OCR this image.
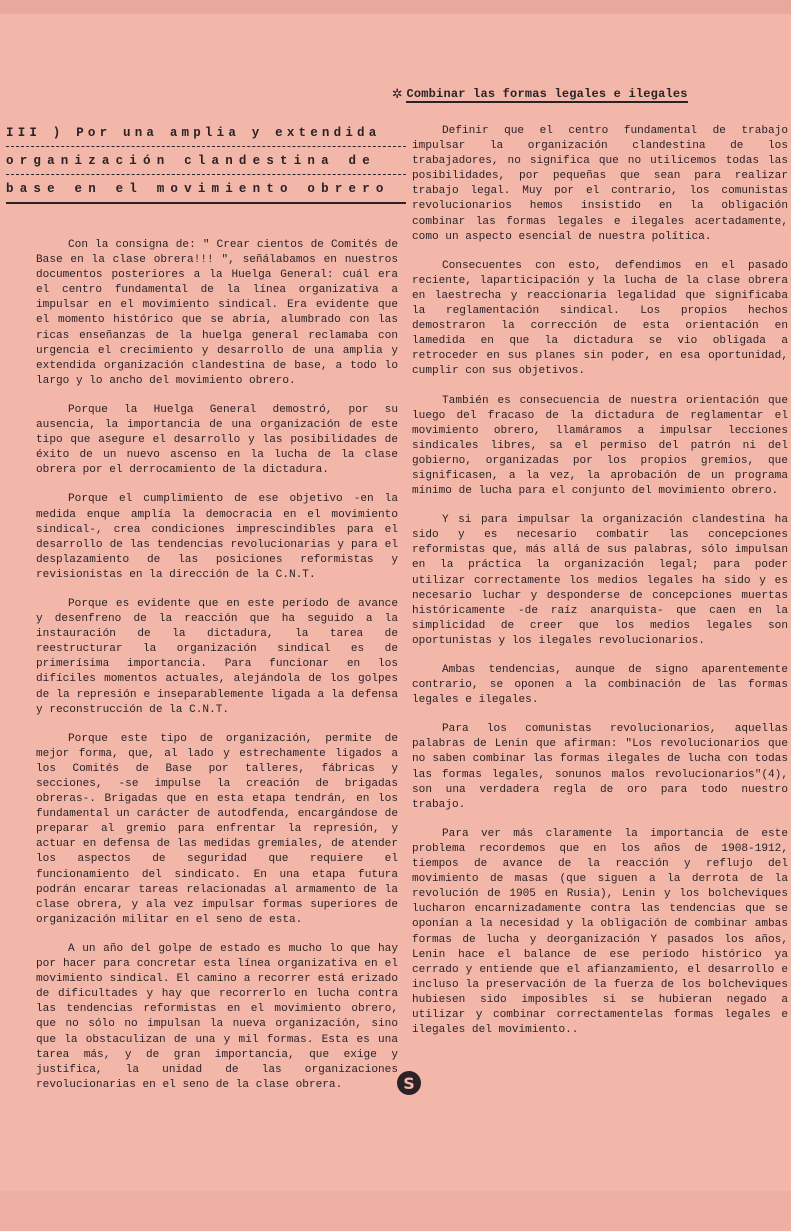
✲ Combinar las formas legales e ilegales
III ) Por una amplia y extendida
organización clandestina de
base en el movimiento obrero

Con la consigna de: " Crear cientos de Comités de Base en la clase obrera!!! ", señálabamos en nuestros documentos posteriores a la Huelga General: cuál era el centro fundamental de la línea organizativa a impulsar en el movimiento sindical. Era evidente que el momento histórico que se abría, alumbrado con las ricas enseñanzas de la huelga general reclamaba con urgencia el crecimiento y desarrollo de una amplia y extendida organización clandestina de base, a todo lo largo y lo ancho del movimiento obrero.

Porque la Huelga General demostró, por su ausencia, la importancia de una organización de este tipo que asegure el desarrollo y las posibilidades de éxito de un nuevo ascenso en la lucha de la clase obrera por el derrocamiento de la dictadura.

Porque el cumplimiento de ese objetivo -en la medida enque amplía la democracia en el movimiento sindical-, crea condiciones imprescindibles para el desarrollo de las tendencias revolucionarias y para el desplazamiento de las posiciones reformistas y revisionistas en la dirección de la C.N.T.

Porque es evidente que en este período de avance y desenfreno de la reacción que ha seguido a la instauración de la dictadura, la tarea de reestructurar la organización sindical es de primerísima importancia. Para funcionar en los difíciles momentos actuales, alejándola de los golpes de la represión e inseparablemente ligada a la defensa y reconstrucción de la C.N.T.

Porque este tipo de organización, permite de mejor forma, que, al lado y estrechamente ligados a los Comités de Base por talleres, fábricas y secciones, -se impulse la creación de brigadas obreras-. Brigadas que en esta etapa tendrán, en los fundamental un carácter de autodfenda, encargándose de preparar al gremio para enfrentar la represión, y actuar en defensa de las medidas gremiales, de atender los aspectos de seguridad que requiere el funcionamiento del sindicato. En una etapa futura podrán encarar tareas relacionadas al armamento de la clase obrera, y ala vez impulsar formas superiores de organización militar en el seno de esta.

A un año del golpe de estado es mucho lo que hay por hacer para concretar esta línea organizativa en el movimiento sindical. El camino a recorrer está erizado de dificultades y hay que recorrerlo en lucha contra las tendencias reformistas en el movimiento obrero, que no sólo no impulsan la nueva organización, sino que la obstaculizan de una y mil formas. Esta es una tarea más, y de gran importancia, que exige y justifica, la unidad de las organizaciones revolucionarias en el seno de la clase obrera.

Definir que el centro fundamental de trabajo impulsar la organización clandestina de los trabajadores, no significa que no utilicemos todas las posibilidades, por pequeñas que sean para realizar trabajo legal. Muy por el contrario, los comunistas revolucionarios hemos insistido en la obligación combinar las formas legales e ilegales acertadamente, como un aspecto esencial de nuestra política.

Consecuentes con esto, defendimos en el pasado reciente, laparticipación y la lucha de la clase obrera en laestrecha y reaccionaria legalidad que significaba la reglamentación sindical. Los propios hechos demostraron la corrección de esta orientación en lamedida en que la dictadura se vio obligada a retroceder en sus planes sin poder, en esa oportunidad, cumplir con sus objetivos.

También es consecuencia de nuestra orientación que luego del fracaso de la dictadura de reglamentar el movimiento obrero, llamáramos a impulsar lecciones sindicales libres, sa el permiso del patrón ni del gobierno, organizadas por los propios gremios, que significasen, a la vez, la aprobación de un programa mínimo de lucha para el conjunto del movimiento obrero.

Y si para impulsar la organización clandestina ha sido y es necesario combatir las concepciones reformistas que, más allá de sus palabras, sólo impulsan en la práctica la organización legal; para poder utilizar correctamente los medios legales ha sido y es necesario luchar y desponderse de concepciones muertas históricamente -de raíz anarquista- que caen en la simplicidad de creer que los medios legales son oportunistas y los ilegales revolucionarios.

Ambas tendencias, aunque de signo aparentemente contrario, se oponen a la combinación de las formas legales e ilegales.

Para los comunistas revolucionarios, aquellas palabras de Lenin que afirman: "Los revolucionarios que no saben combinar las formas ilegales de lucha con todas las formas legales, sonunos malos revolucionarios"(4), son una verdadera regla de oro para todo nuestro trabajo.

Para ver más claramente la importancia de este problema recordemos que en los años de 1908-1912, tiempos de avance de la reacción y reflujo del movimiento de masas (que siguen a la derrota de la revolución de 1905 en Rusia), Lenin y los bolcheviques lucharon encarnizadamente contra las tendencias que se oponían a la necesidad y la obligación de combinar ambas formas de lucha y deorganización Y pasados los años, Lenin hace el balance de ese período histórico ya cerrado y entiende que el afianzamiento, el desarrollo e incluso la preservación de la fuerza de los bolcheviques hubiesen sido imposibles si se hubieran negado a utilizar y combinar correctamentelas formas legales e ilegales del movimiento..

S
